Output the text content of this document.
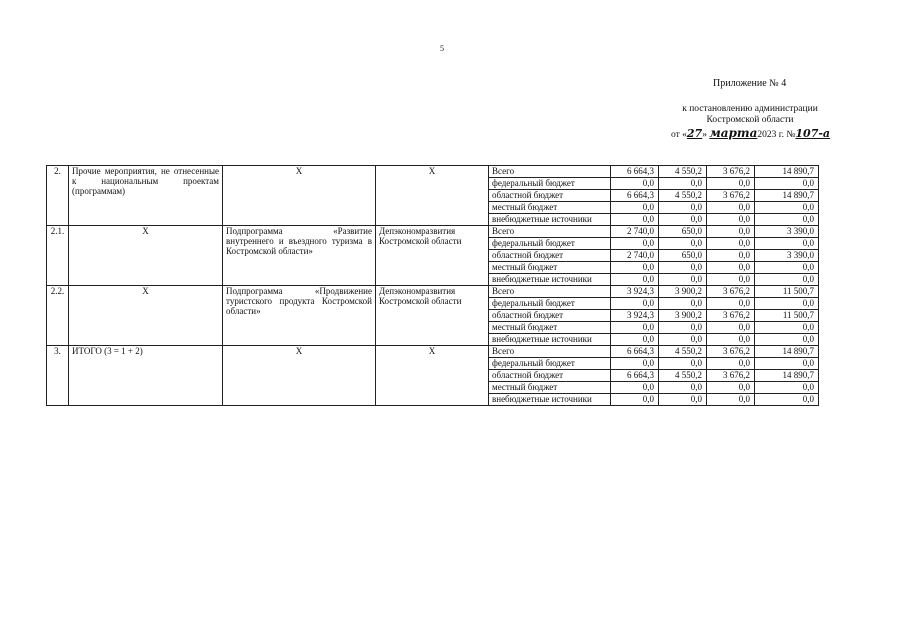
5
Приложение № 4
к постановлению администрации
Костромской области
от «27» марта2023 г. №107-а
2.	Прочие мероприятия, не отнесенные к национальным проектам (программам)	X	X	Всего	6 664,3	4 550,2	3 676,2	14 890,7
				федеральный бюджет	0,0	0,0	0,0	0,0
				областной бюджет	6 664,3	4 550,2	3 676,2	14 890,7
				местный бюджет	0,0	0,0	0,0	0,0
				внебюджетные источники	0,0	0,0	0,0	0,0
2.1.	X	Подпрограмма «Развитие внутреннего и въездного туризма в Костромской области»	Депэкономразвития Костромской области	Всего	2 740,0	650,0	0,0	3 390,0
				федеральный бюджет	0,0	0,0	0,0	0,0
				областной бюджет	2 740,0	650,0	0,0	3 390,0
				местный бюджет	0,0	0,0	0,0	0,0
				внебюджетные источники	0,0	0,0	0,0	0,0
2.2.	X	Подпрограмма «Продвижение туристского продукта Костромской области»	Депэкономразвития Костромской области	Всего	3 924,3	3 900,2	3 676,2	11 500,7
				федеральный бюджет	0,0	0,0	0,0	0,0
				областной бюджет	3 924,3	3 900,2	3 676,2	11 500,7
				местный бюджет	0,0	0,0	0,0	0,0
				внебюджетные источники	0,0	0,0	0,0	0,0
3.	ИТОГО (3 = 1 + 2)	X	X	Всего	6 664,3	4 550,2	3 676,2	14 890,7
				федеральный бюджет	0,0	0,0	0,0	0,0
				областной бюджет	6 664,3	4 550,2	3 676,2	14 890,7
				местный бюджет	0,0	0,0	0,0	0,0
				внебюджетные источники	0,0	0,0	0,0	0,0
